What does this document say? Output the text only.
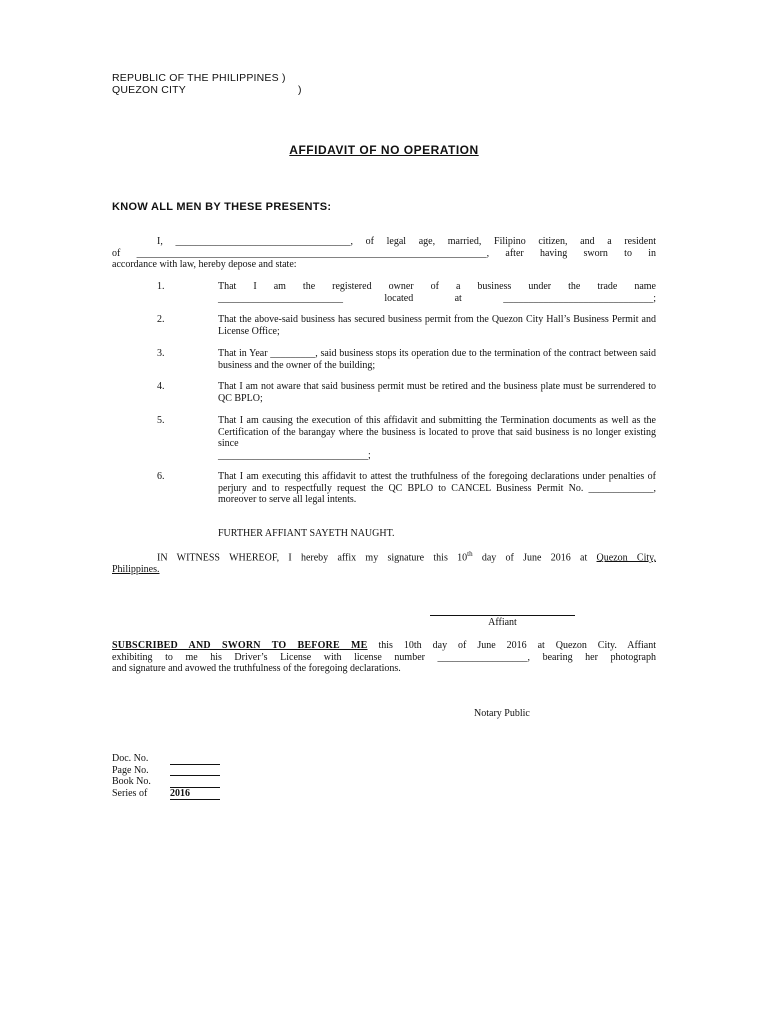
REPUBLIC OF THE PHILIPPINES )
QUEZON CITY	)
AFFIDAVIT OF NO OPERATION
KNOW ALL MEN BY THESE PRESENTS:
I, ___________________________________, of legal age, married, Filipino citizen, and a resident
of ______________________________________________________________________, after having sworn to in
accordance with law, hereby depose and state:
1.	That I am the registered owner of a business under the trade name
_________________________ located at ______________________________;
2.	That the above-said business has secured business permit from the Quezon City Hall’s Business Permit and License Office;
3.	That in Year _________, said business stops its operation due to the termination of the contract between said business and the owner of the building;
4.	That I am not aware that said business permit must be retired and the business plate must be surrendered to QC BPLO;
5.	That I am causing the execution of this affidavit and submitting the Termination documents as well as the Certification of the barangay where the business is located to prove that said business is no longer existing since
______________________________;
6.	That I am executing this affidavit to attest the truthfulness of the foregoing declarations under penalties of perjury and to respectfully request the QC BPLO to CANCEL Business Permit No. _____________, moreover to serve all legal intents.
FURTHER AFFIANT SAYETH NAUGHT.
IN WITNESS WHEREOF, I hereby affix my signature this 10th day of June 2016 at Quezon City,
Philippines.
Affiant
SUBSCRIBED AND SWORN TO BEFORE ME this 10th day of June 2016 at Quezon City. Affiant
exhibiting to me his Driver’s License with license number __________________, bearing her photograph
and signature and avowed the truthfulness of the foregoing declarations.
Notary Public
Doc. No.
Page No.
Book No.
Series of 2016
